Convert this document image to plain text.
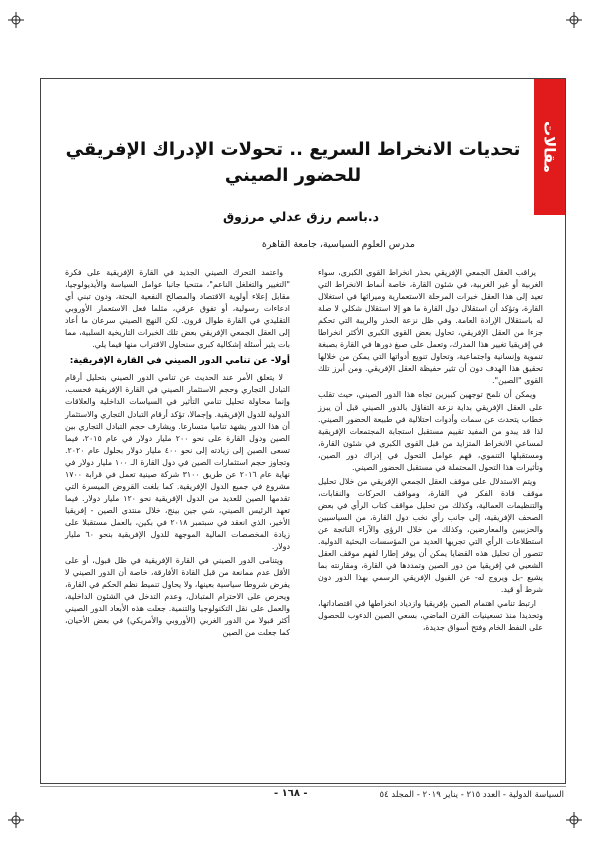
مقالات
تحديات الانخراط السريع .. تحولات الإدراك الإفريقي للحضور الصيني
د.باسم رزق عدلي مرزوق
مدرس العلوم السياسية، جامعة القاهرة

يراقب العقل الجمعي الإفريقي بحذر انخراط القوى الكبرى، سواء الغربية أو غير الغربية، في شئون القارة، خاصة أنماط الانخراط التي تعيد إلى هذا العقل خبرات المرحلة الاستعمارية وميراثها في استغلال القارة، وتؤكد أن استقلال دول القارة ما هو إلا استقلال شكلي لا صلة له باستقلال الإرادة العامة. وفي ظل نزعة الحذر والريبة التي تحكم جزءا من العقل الإفريقي، تحاول بعض القوى الكبرى الأكثر انخراطا في إفريقيا تغيير هذا المدرك، وتعمل على صبغ دورها في القارة بصبغة تنموية وإنسانية واجتماعية، وتحاول تنويع أدواتها التي يمكن من خلالها تحقيق هذا الهدف دون أن تثير حفيظة العقل الإفريقي. ومن أبرز تلك القوى "الصين".

ويمكن أن نلمح توجهين كبيرين تجاه هذا الدور الصيني، حيث تقلب على العقل الإفريقي بداية نزعة التفاؤل بالدور الصيني قبل أن يبرز خطاب يتحدث عن سمات وأدوات احتلالية في طبيعة الحضور الصيني. لذا قد يبدو من المفيد تقييم مستقبل استجابة المجتمعات الإفريقية لمساعي الانخراط المتزايد من قبل القوى الكبرى في شئون القارة، ومستقبلها التنموي، فهم عوامل التحول في إدراك دور الصين، وتأثيرات هذا التحول المحتملة في مستقبل الحضور الصيني.

ويتم الاستدلال على موقف العقل الجمعي الإفريقي من خلال تحليل موقف قادة الفكر في القارة، ومواقف الحركات والنقابات، والتنظيمات العمالية، وكذلك من تحليل مواقف كتاب الرأي في بعض الصحف الإفريقية، إلى جانب رأي نخب دول القارة، من السياسيين والحزبيين والمعارضين، وكذلك من خلال الرؤى والآراء الناتجة عن استطلاعات الرأي التي تجريها العديد من المؤسسات البحثية الدولية. تتصور أن تحليل هذه القضايا يمكن أن يوفر إطارا لفهم موقف العقل الشعبي في إفريقيا من دور الصين وتمددها في القارة، ومقارنته بما يشيع -بل ويروج له- عن القبول الإفريقي الرسمي بهذا الدور دون شرط أو قيد.

ارتبط تنامي اهتمام الصين بإفريقيا وازدياد انخراطها في اقتصاداتها، وتحديدا منذ تسعينيات القرن الماضي، بسعي الصين الدءوب للحصول على النفط الخام وفتح أسواق جديدة،

واعتمد التحرك الصيني الجديد في القارة الإفريقية على فكرة "التغيير والتغلغل الناعم"، متنحيا جانبا عوامل السياسة والأيديولوجيا، مقابل إعلاء أولوية الاقتصاد والمصالح النفعية البحتة، ودون تبني أي ادعاءات رسولية، أو تفوق عرقي، مثلما فعل الاستعمار الأوروبي التقليدي في القارة طوال قرون. لكن النهج الصيني سرعان ما أعاد إلى العقل الجمعي الإفريقي بعض تلك الخبرات التاريخية السلبية، مما بات يثير أسئلة إشكالية كبرى سنحاول الاقتراب منها فيما يلي.

أولا- عن تنامي الدور الصيني في القارة الإفريقية:

لا يتعلق الأمر عند الحديث عن تنامي الدور الصيني بتحليل أرقام التبادل التجاري وحجم الاستثمار الصيني في القارة الإفريقية فحسب، وإنما محاولة تحليل تنامي التأثير في السياسات الداخلية والعلاقات الدولية للدول الإفريقية. وإجمالا، تؤكد أرقام التبادل التجاري والاستثمار أن هذا الدور يشهد تناميا متسارعا. ويشارف حجم التبادل التجاري بين الصين ودول القارة على نحو ٢٠٠ مليار دولار في عام ٢٠١٥، فيما تسعى الصين إلى زيادته إلى نحو ٤٠٠ مليار دولار بحلول عام ٢٠٢٠. وتجاوز حجم استثمارات الصين في دول القارة الـ ١٠٠ مليار دولار في نهاية عام ٢٠١٦ عن طريق ٣١٠٠ شركة صينية تعمل في قرابة ١٧٠٠ مشروع في جميع الدول الإفريقية. كما بلغت القروض الميسرة التي تقدمها الصين للعديد من الدول الإفريقية نحو ١٢٠ مليار دولار. فيما تعهد الرئيس الصيني، شي جين بينج، خلال منتدى الصين - إفريقيا الأخير، الذي انعقد في سبتمبر ٢٠١٨ في بكين، بالعمل مستقبلا على زيادة المخصصات المالية الموجهة للدول الإفريقية بنحو ٦٠ مليار دولار.

ويتنامى الدور الصيني في القارة الإفريقية في ظل قبول، أو على الأقل عدم ممانعة من قبل القادة الأفارقة، خاصة أن الدور الصيني لا يفرض شروطا سياسية بعينها، ولا يحاول تنميط نظم الحكم في القارة، ويحرص على الاحترام المتبادل، وعدم التدخل في الشئون الداخلية، والعمل على نقل التكنولوجيا والتنمية. جعلت هذه الأبعاد الدور الصيني أكثر قبولا من الدور الغربي (الأوروبي والأمريكي) في بعض الأحيان، كما جعلت من الصين

السياسة الدولية - العدد ٢١٥ - يناير ٢٠١٩ - المجلد ٥٤
- ١٦٨ -
